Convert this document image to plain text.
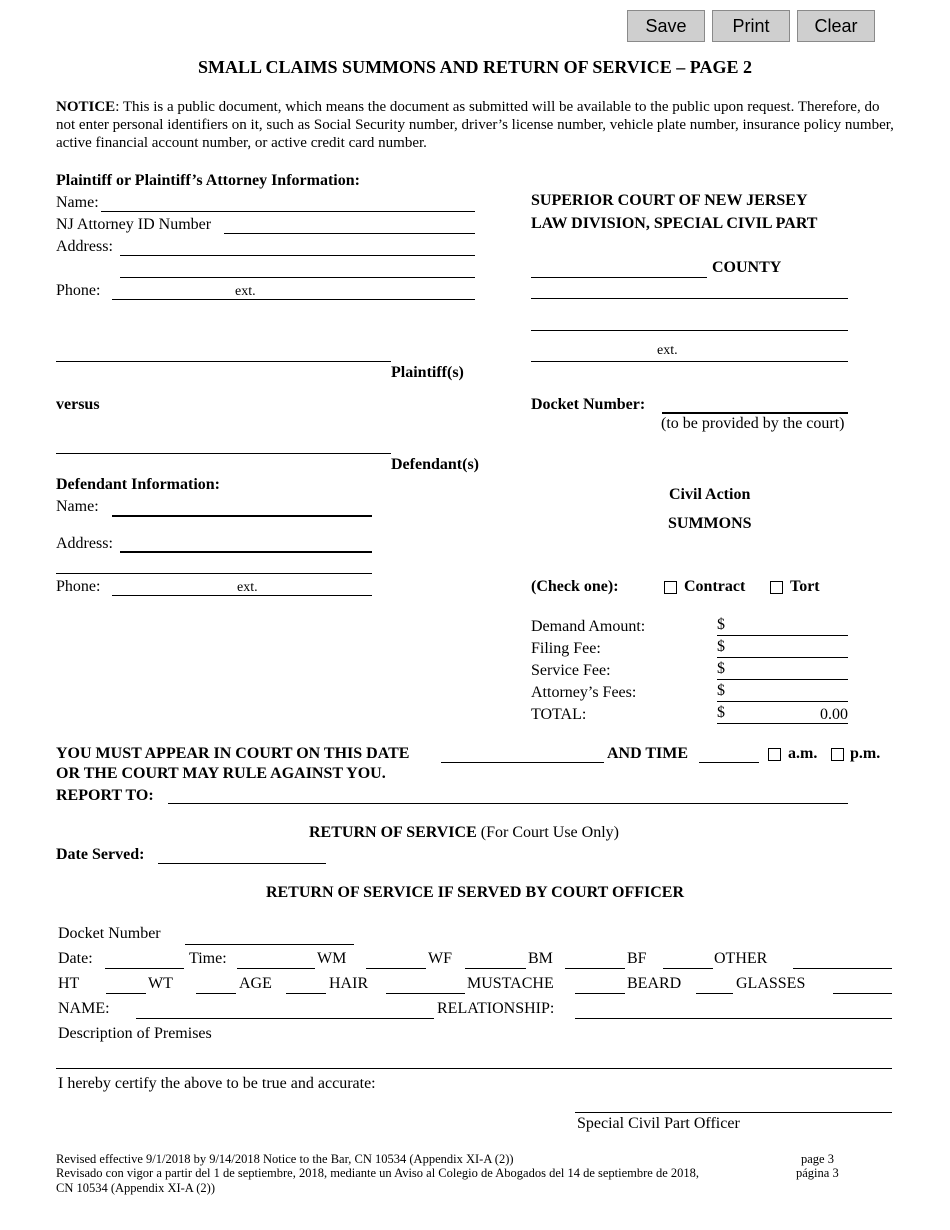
Save	Print	Clear
SMALL CLAIMS SUMMONS AND RETURN OF SERVICE – PAGE 2
NOTICE: This is a public document, which means the document as submitted will be available to the public upon request. Therefore, do not enter personal identifiers on it, such as Social Security number, driver’s license number, vehicle plate number, insurance policy number, active financial account number, or active credit card number.
Plaintiff or Plaintiff’s Attorney Information:
Name:
NJ Attorney ID Number
Address:
Phone:	ext.
Plaintiff(s)
versus
Defendant(s)
Defendant Information:
Name:
Address:
Phone:	ext.
SUPERIOR COURT OF NEW JERSEY
LAW DIVISION, SPECIAL CIVIL PART
COUNTY
ext.
Docket Number:
(to be provided by the court)
Civil Action
SUMMONS
(Check one):	Contract	Tort
Demand Amount:	$
Filing Fee:	$
Service Fee:	$
Attorney’s Fees:	$
TOTAL:	$	0.00
YOU MUST APPEAR IN COURT ON THIS DATE	AND TIME	a.m. p.m.
OR THE COURT MAY RULE AGAINST YOU.
REPORT TO:
RETURN OF SERVICE (For Court Use Only)
Date Served:
RETURN OF SERVICE IF SERVED BY COURT OFFICER
Docket Number
Date:	Time:	WM	WF	BM	BF	OTHER
HT	WT	AGE	HAIR	MUSTACHE	BEARD	GLASSES
NAME:	RELATIONSHIP:
Description of Premises
I hereby certify the above to be true and accurate:
Special Civil Part Officer
Revised effective 9/1/2018 by 9/14/2018 Notice to the Bar, CN 10534 (Appendix XI-A (2))
Revisado con vigor a partir del 1 de septiembre, 2018, mediante un Aviso al Colegio de Abogados del 14 de septiembre de 2018,
CN 10534 (Appendix XI-A (2))
page 3
página 3
